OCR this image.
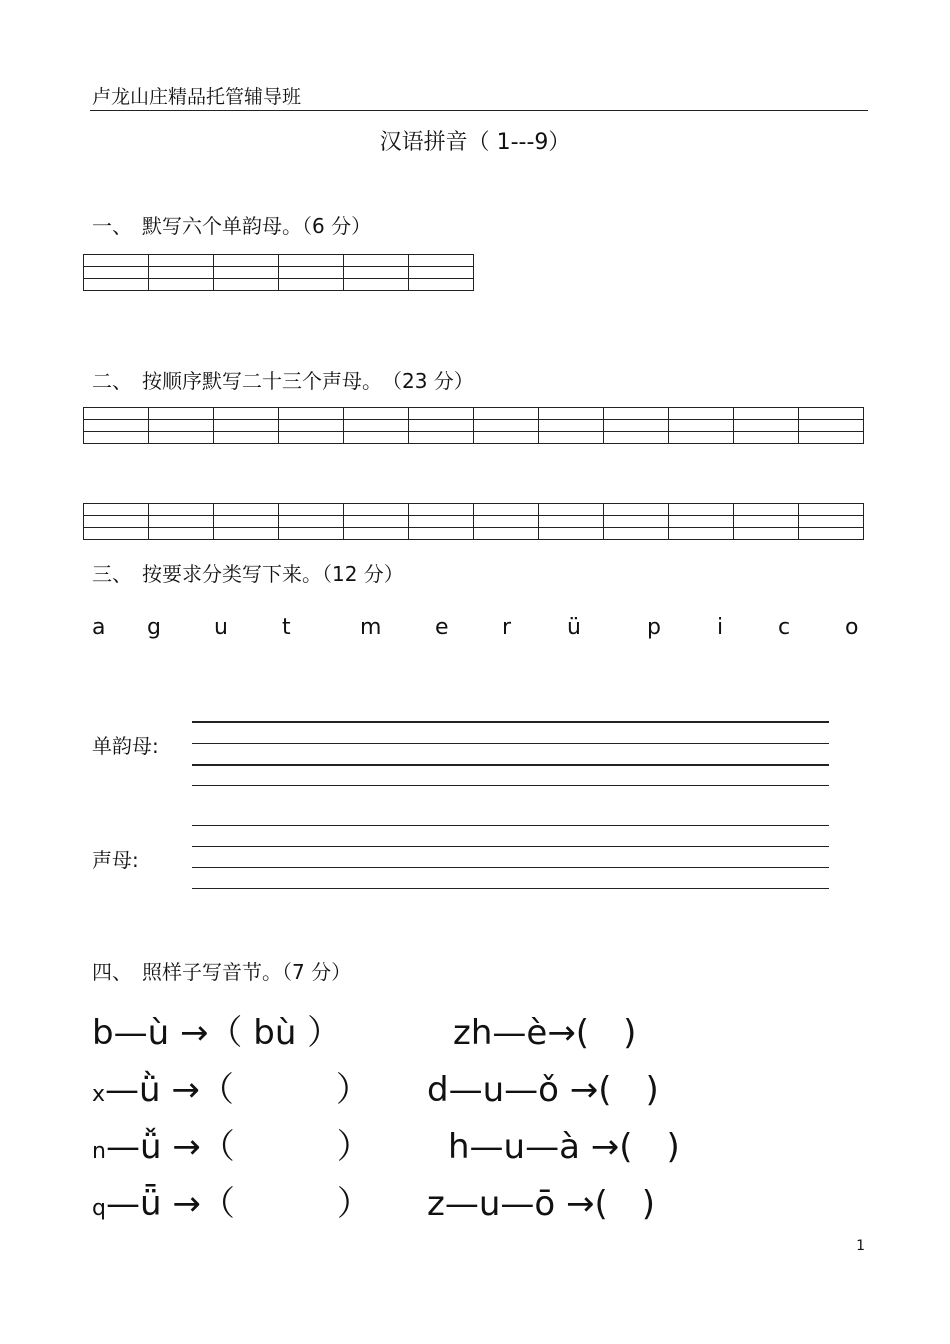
卢龙山庄精品托管辅导班
汉语拼音（ 1---9）
一、　默写六个单韵母。（6 分）

二、　按顺序默写二十三个声母。　（23 分）

三、　按要求分类写下来。（12 分）
a g u t	m e r	ü	p	i c o
单韵母:
声母:
四、　照样子写音节。（7 分）
b—ù →（ bù ）	zh—è→(　)
x—ǜ →（　　　） d—u—ǒ →(　)
n—ǚ →（　　　） h—u—à →(　)
q—ǖ →（　　　） z—u—ō →(　)
1
